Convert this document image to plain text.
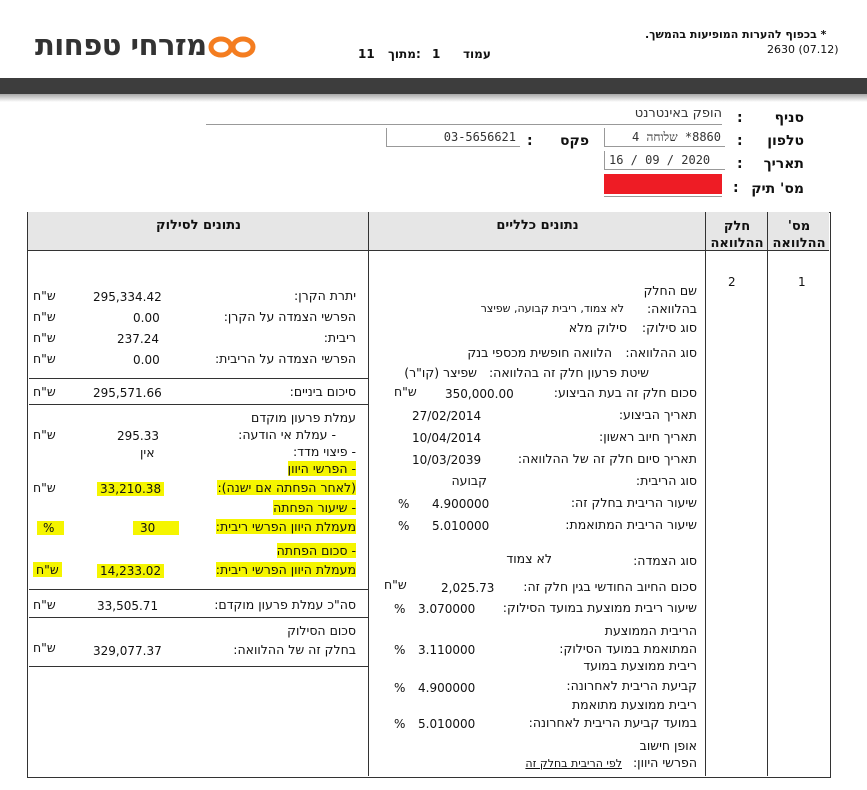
מזרחי טפחות	עמוד
1
מתוך:
11
* בכפוף להערות המופיעות בהמשך.
2630 (07.12)
סניף
:
הופק באינטרנט
טלפון
:
8860* שלוחה 4
פקס
:
03-5656621
תאריך
:
16 / 09 / 2020
מס' תיק
:
מס' ההלוואה
חלק ההלוואה
נתונים כלליים
נתונים לסילוק
1
2
שם החלק
בהלוואה:
לא צמוד, ריבית קבועה, שפיצר
סוג סילוק:
סילוק מלא
סוג ההלוואה:
הלוואה חופשית מכספי בנק
שיטת פרעון חלק זה בהלוואה:
שפיצר (קו"ר)
סכום חלק זה בעת הביצוע:
350,000.00
ש"ח
תאריך הביצוע:
27/02/2014
תאריך חיוב ראשון:
10/04/2014
תאריך סיום חלק זה של ההלוואה:
10/03/2039
סוג הריבית:
קבועה
שיעור הריבית בחלק זה:
4.900000
%
שיעור הריבית המתואמת:
5.010000
%
סוג הצמדה:
לא צמוד
סכום החיוב החודשי בגין חלק זה:
2,025.73
ש"ח
שיעור ריבית ממוצעת במועד הסילוק:
3.070000
%
הריבית הממוצעת
המתואמת במועד הסילוק:
3.110000
%
ריבית ממוצעת במועד
קביעת הריבית לאחרונה:
4.900000
%
ריבית ממוצעת מתואמת
במועד קביעת הריבית לאחרונה:
5.010000
%
אופן חישוב
הפרשי היוון:
לפי הריבית בחלק זה
יתרת הקרן:
295,334.42
ש"ח
הפרשי הצמדה על הקרן:
0.00
ש"ח
ריבית:
237.24
ש"ח
הפרשי הצמדה על הריבית:
0.00
ש"ח
סיכום ביניים:
295,571.66
ש"ח
עמלת פרעון מוקדם
- עמלת אי הודעה:
295.33
ש"ח
- פיצוי מדד:
אין
- הפרשי היוון
(לאחר הפחתה אם ישנה):
33,210.38
ש"ח
- שיעור הפחתה
מעמלת היוון הפרשי ריבית:
30
%
- סכום הפחתה
מעמלת היוון הפרשי ריבית:
14,233.02
ש"ח
סה"כ עמלת פרעון מוקדם:
33,505.71
ש"ח
סכום הסילוק
בחלק זה של ההלוואה:
329,077.37
ש"ח
